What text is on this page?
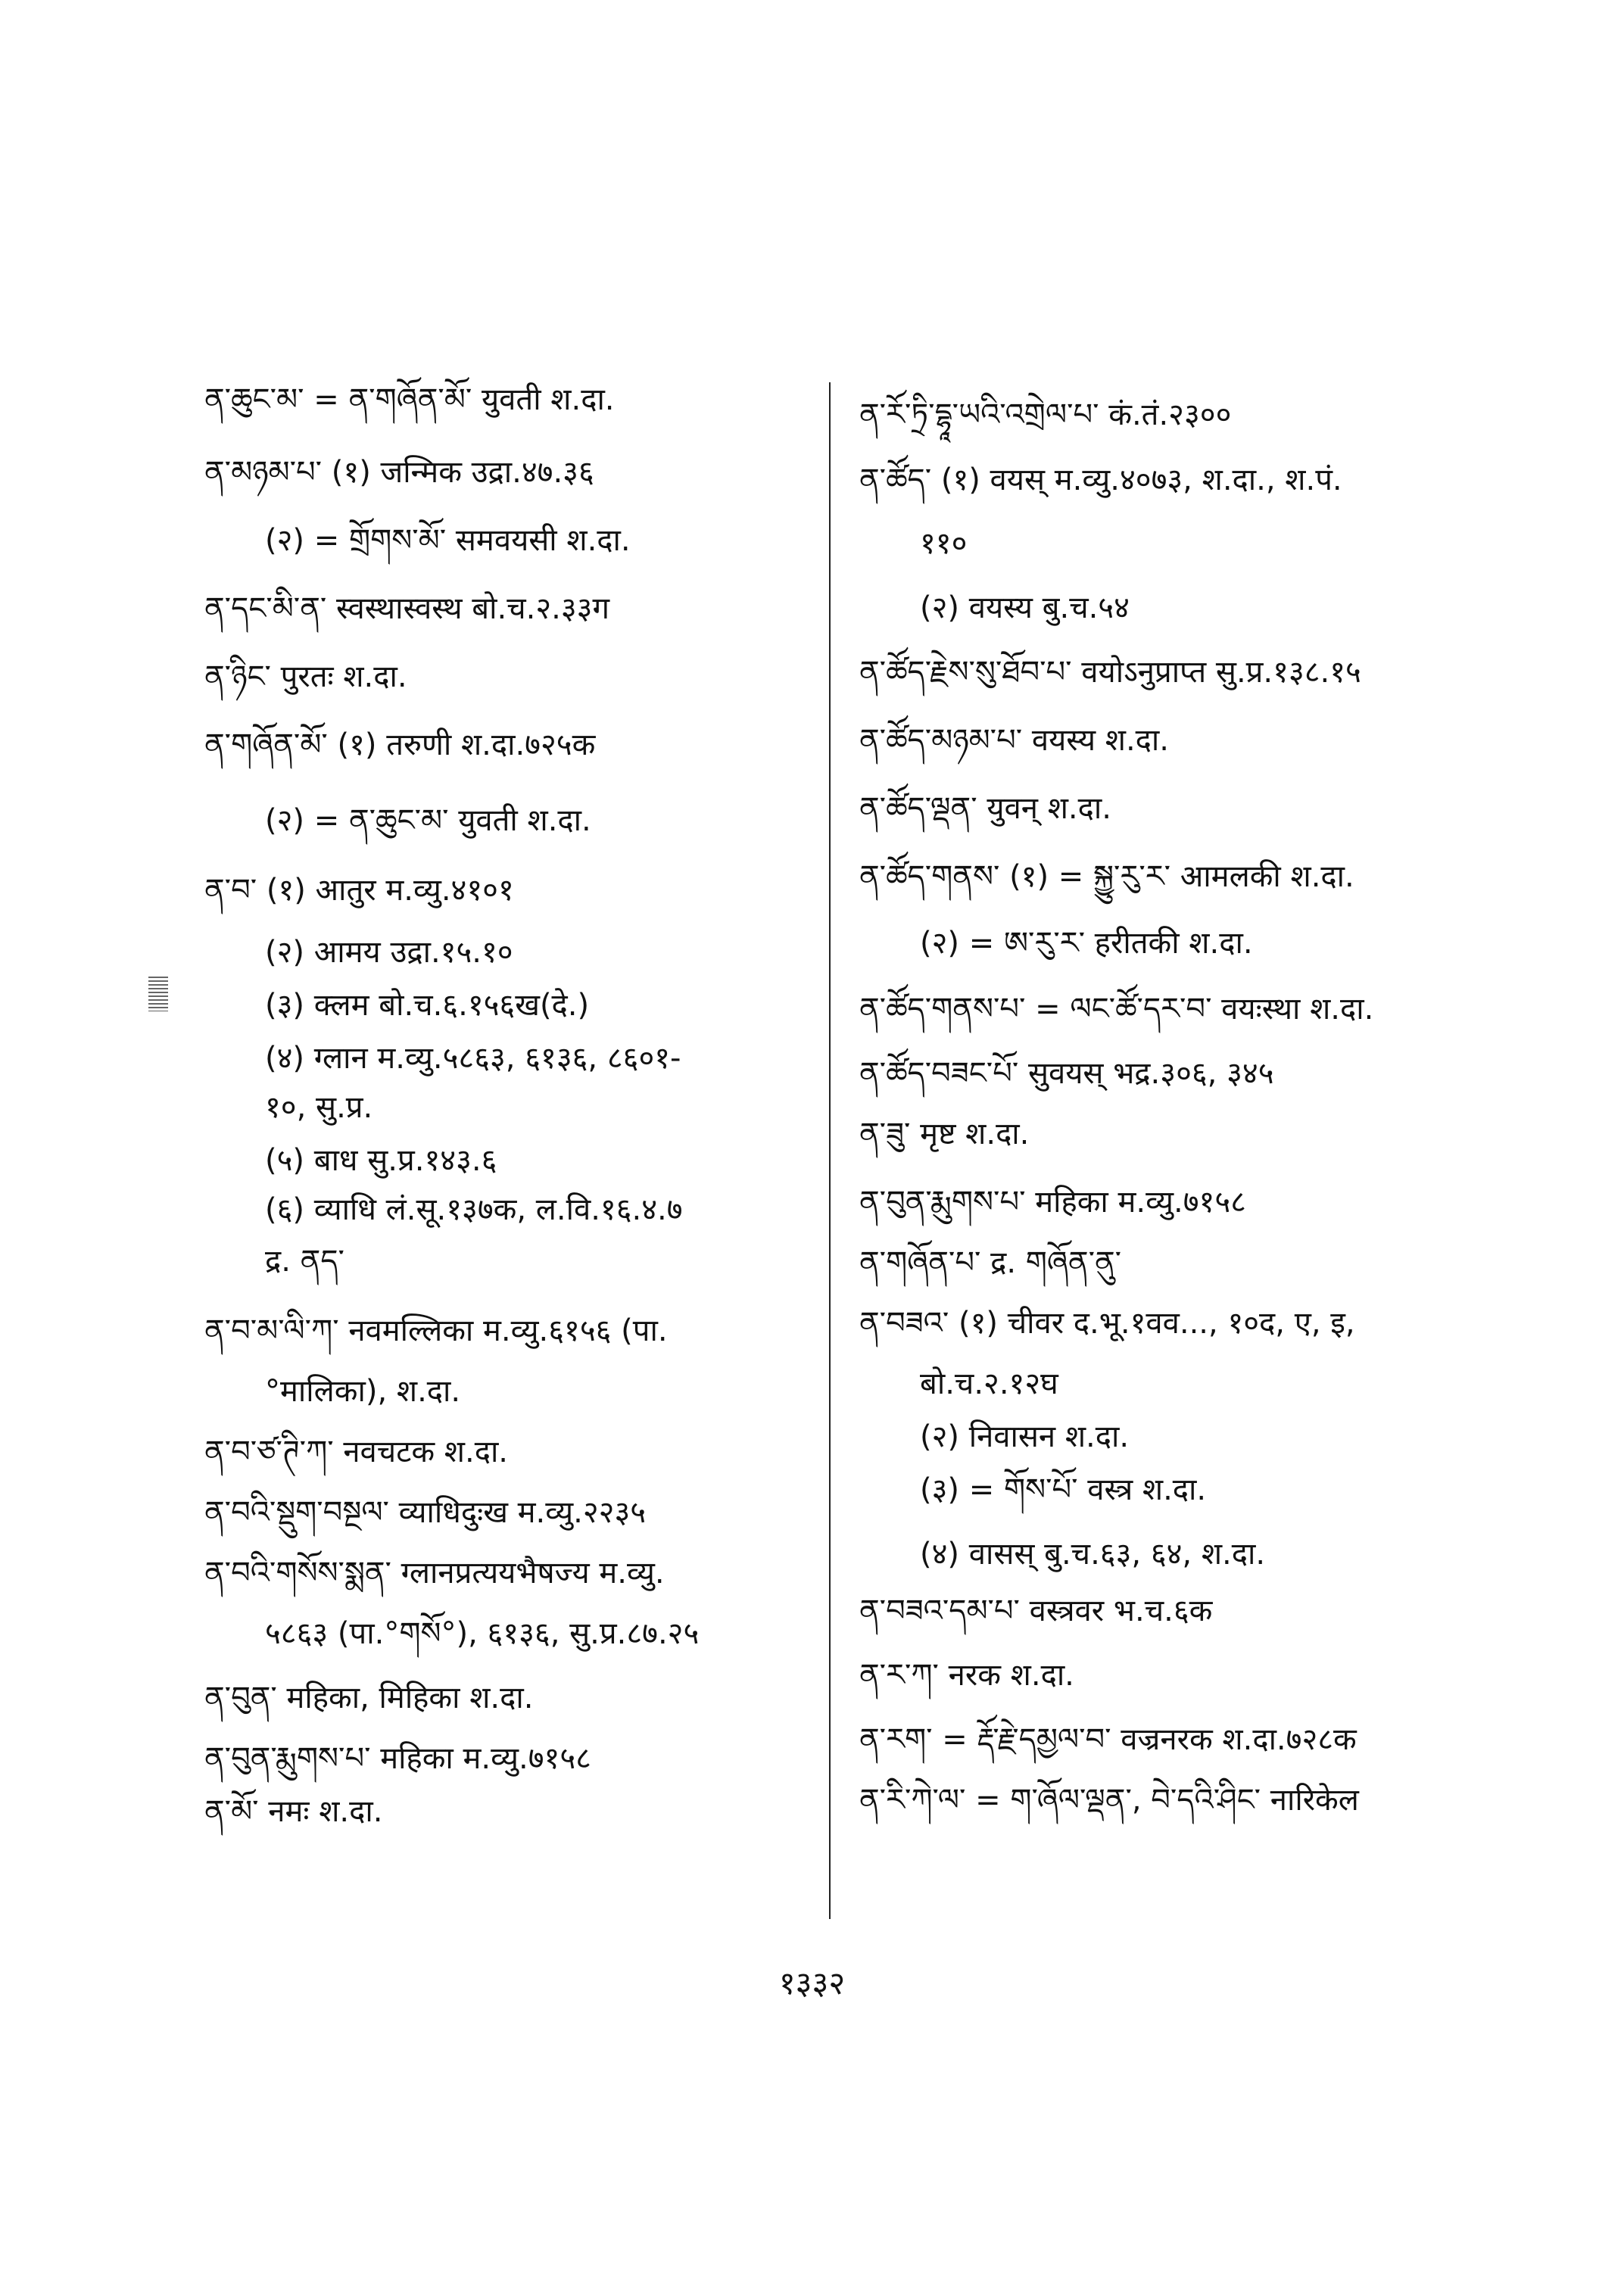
ན་ཆུང་མ་ = ན་གཞོན་མོ་ युवती श.दा.
ན་མཉམ་པ་ (१) जन्मिक उद्रा.४७.३६
(२) = གྲོགས་མོ་ समवयसी श.दा.
ན་དང་མི་ན་ स्वस्थास्वस्थ बो.च.२.३३ग
ན་ཉིང་ पुरतः श.दा.
ན་གཞོན་མོ་ (१) तरुणी श.दा.७२५क
(२) = ན་ཆུང་མ་ युवती श.दा.
ན་བ་ (१) आतुर म.व्यु.४१०१
(२) आमय उद्रा.१५.१०
(३) क्लम बो.च.६.१५६ख(दे.)
(४) ग्लान म.व्यु.५८६३, ६१३६, ८६०१-
१०, सु.प्र.
(५) बाध सु.प्र.१४३.६
(६) व्याधि लं.सू.१३७क, ल.वि.१६.४.७
द्र. ནད་
ན་བ་མ་ལི་ཀ་ नवमल्लिका म.व्यु.६१५६ (पा.
°मालिका), श.दा.
ན་བ་ཙ་ཊི་ཀ་ नवचटक श.दा.
ན་བའི་སྡུག་བསྔལ་ व्याधिदुःख म.व्यु.२२३५
ན་བའི་གསོས་སྨན་ ग्लानप्रत्ययभैषज्य म.व्यु.
५८६३ (पा.°གསོ°), ६१३६, सु.प्र.८७.२५
ན་བུན་ महिका, मिहिका श.दा.
ན་བུན་རྨུགས་པ་ महिका म.व्यु.७१५८
ན་མོ་ नमः श.दा.
ན་རོ་ཏྲི་དྷཱ་ཡའི་འགྲེལ་པ་ कं.तं.२३००
ན་ཚོད་ (१) वयस् म.व्यु.४०७३, श.दा., श.पं.
११०
(२) वयस्य बु.च.५४
ན་ཚོད་རྗེས་སུ་ཐོབ་པ་ वयोऽनुप्राप्त सु.प्र.१३८.१५
ན་ཚོད་མཉམ་པ་ वयस्य श.दा.
ན་ཚོད་ལྡན་ युवन् श.दा.
ན་ཚོད་གནས་ (१) = སྐྱུ་རུ་ར་ आमलकी श.दा.
(२) = ཨ་རུ་ར་ हरीतकी श.दा.
ན་ཚོད་གནས་པ་ = ལང་ཚོ་དར་བ་ वयःस्था श.दा.
ན་ཚོད་བཟང་པོ་ सुवयस् भद्र.३०६, ३४५
ན་ཟུ་ मृष्ट श.दा.
ན་བུན་རྨུགས་པ་ महिका म.व्यु.७१५८
ན་གཞོན་པ་ द्र. གཞོན་ནུ་
ན་བཟའ་ (१) चीवर द.भू.१वव..., १०द, ए, इ,
बो.च.२.१२घ
(२) निवासन श.दा.
(३) = གོས་པོ་ वस्त्र श.दा.
(४) वासस् बु.च.६३, ६४, श.दा.
ན་བཟའ་དམ་པ་ वस्त्रवर भ.च.६क
ན་ར་ཀ་ नरक श.दा.
ན་རག་ = རྡོ་རྗེ་དམྱལ་བ་ वज्रनरक श.दा.७२८क
ན་རི་ཀེ་ལ་ = ག་ཞོལ་ལྡན་, བེ་དའི་ཤིང་ नारिकेल
१३३२
